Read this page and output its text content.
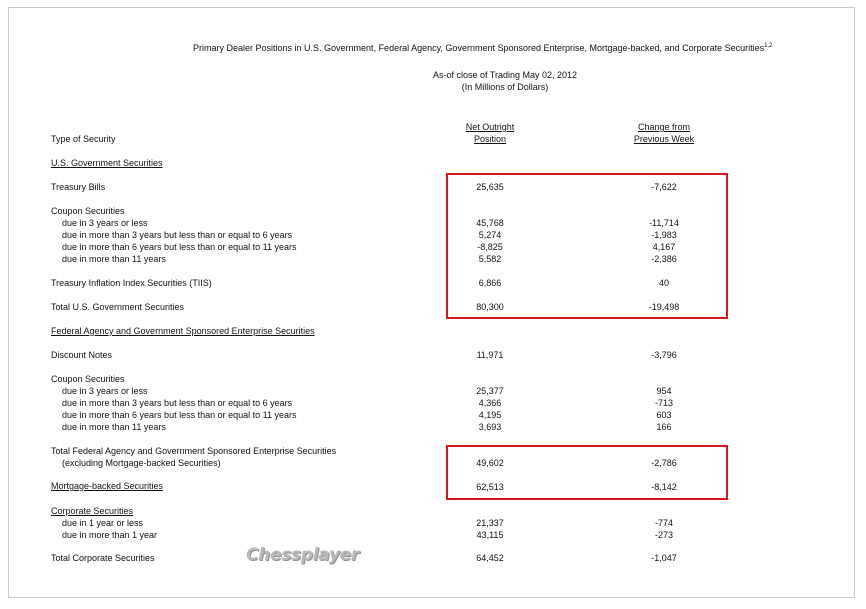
Primary Dealer Positions in U.S. Government, Federal Agency, Government Sponsored Enterprise, Mortgage-backed, and Corporate Securities$^{1,2}$
As-of close of Trading May 02, 2012
(In Millions of Dollars)
Type of Security
Net Outright
Position
Change from
Previous Week
U.S. Government Securities
Treasury Bills	25,635	-7,622
Coupon Securities
due in 3 years or less	45,768	-11,714
due in more than 3 years but less than or equal to 6 years	5,274	-1,983
due in more than 6 years but less than or equal to 11 years	-8,825	4,167
due in more than 11 years	5,582	-2,386
Treasury Inflation Index Securities (TIIS)	6,866	40
Total U.S. Government Securities	80,300	-19,498
Federal Agency and Government Sponsored Enterprise Securities
Discount Notes	11,971	-3,796
Coupon Securities
due in 3 years or less	25,377	954
due in more than 3 years but less than or equal to 6 years	4,366	-713
due in more than 6 years but less than or equal to 11 years	4,195	603
due in more than 11 years	3,693	166
Total Federal Agency and Government Sponsored Enterprise Securities
(excluding Mortgage-backed Securities)	49,602	-2,786
Mortgage-backed Securities	62,513	-8,142
Corporate Securities
due in 1 year or less	21,337	-774
due in more than 1 year	43,115	-273
Total Corporate Securities	64,452	-1,047
Chessplayer
